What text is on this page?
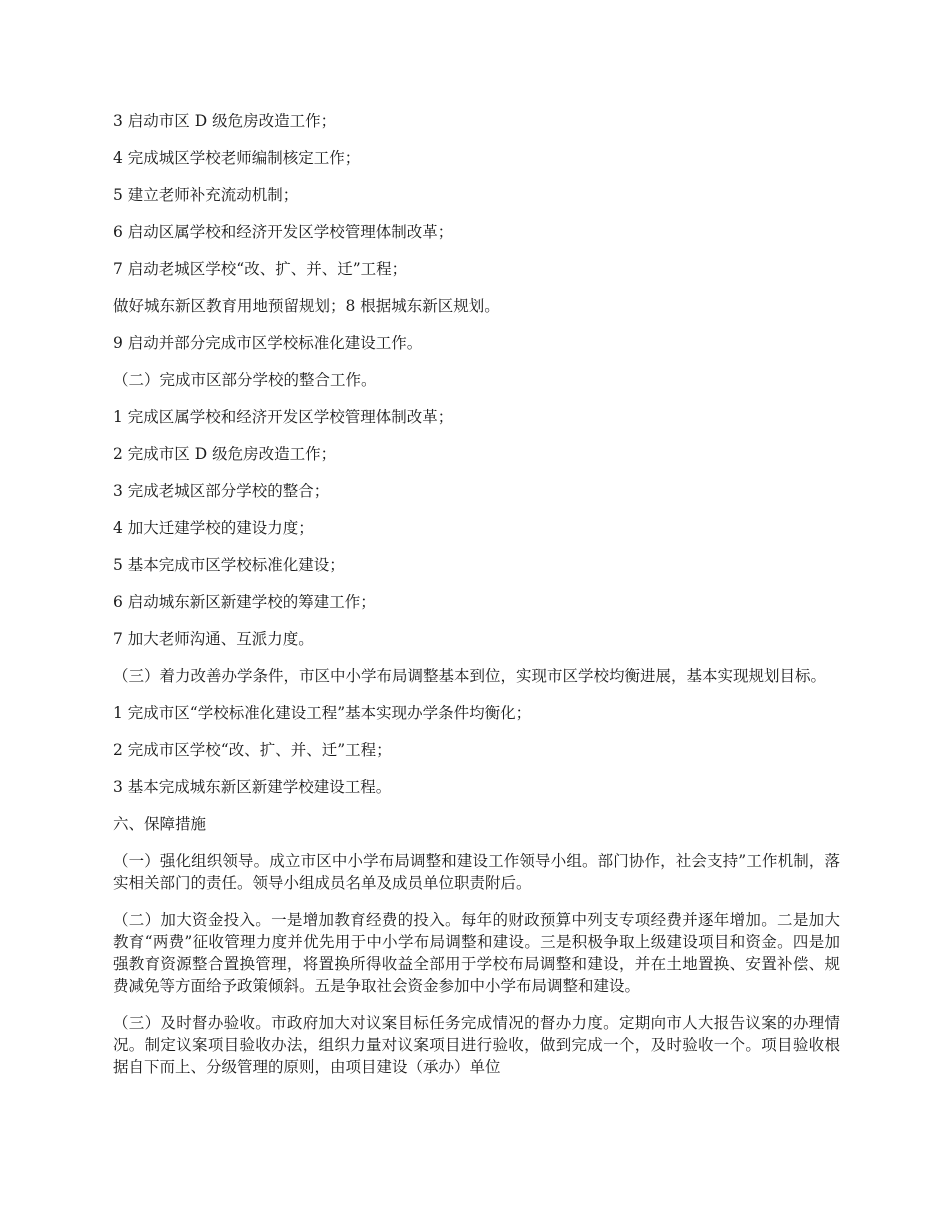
3 启动市区 D 级危房改造工作；

4 完成城区学校老师编制核定工作；

5 建立老师补充流动机制；

6 启动区属学校和经济开发区学校管理体制改革；

7 启动老城区学校“改、扩、并、迁”工程；

做好城东新区教育用地预留规划；8 根据城东新区规划。

9 启动并部分完成市区学校标准化建设工作。

（二）完成市区部分学校的整合工作。

1 完成区属学校和经济开发区学校管理体制改革；

2 完成市区 D 级危房改造工作；

3 完成老城区部分学校的整合；

4 加大迁建学校的建设力度；

5 基本完成市区学校标准化建设；

6 启动城东新区新建学校的筹建工作；

7 加大老师沟通、互派力度。

（三）着力改善办学条件，市区中小学布局调整基本到位，实现市区学校均衡进展，基本实现规划目标。

1 完成市区“学校标准化建设工程”基本实现办学条件均衡化；

2 完成市区学校“改、扩、并、迁”工程；

3 基本完成城东新区新建学校建设工程。

六、保障措施

（一）强化组织领导。成立市区中小学布局调整和建设工作领导小组。部门协作，社会支持”工作机制，落实相关部门的责任。领导小组成员名单及成员单位职责附后。

（二）加大资金投入。一是增加教育经费的投入。每年的财政预算中列支专项经费并逐年增加。二是加大教育“两费”征收管理力度并优先用于中小学布局调整和建设。三是积极争取上级建设项目和资金。四是加强教育资源整合置换管理，将置换所得收益全部用于学校布局调整和建设，并在土地置换、安置补偿、规费减免等方面给予政策倾斜。五是争取社会资金参加中小学布局调整和建设。

（三）及时督办验收。市政府加大对议案目标任务完成情况的督办力度。定期向市人大报告议案的办理情况。制定议案项目验收办法，组织力量对议案项目进行验收，做到完成一个，及时验收一个。项目验收根据自下而上、分级管理的原则，由项目建设（承办）单位
